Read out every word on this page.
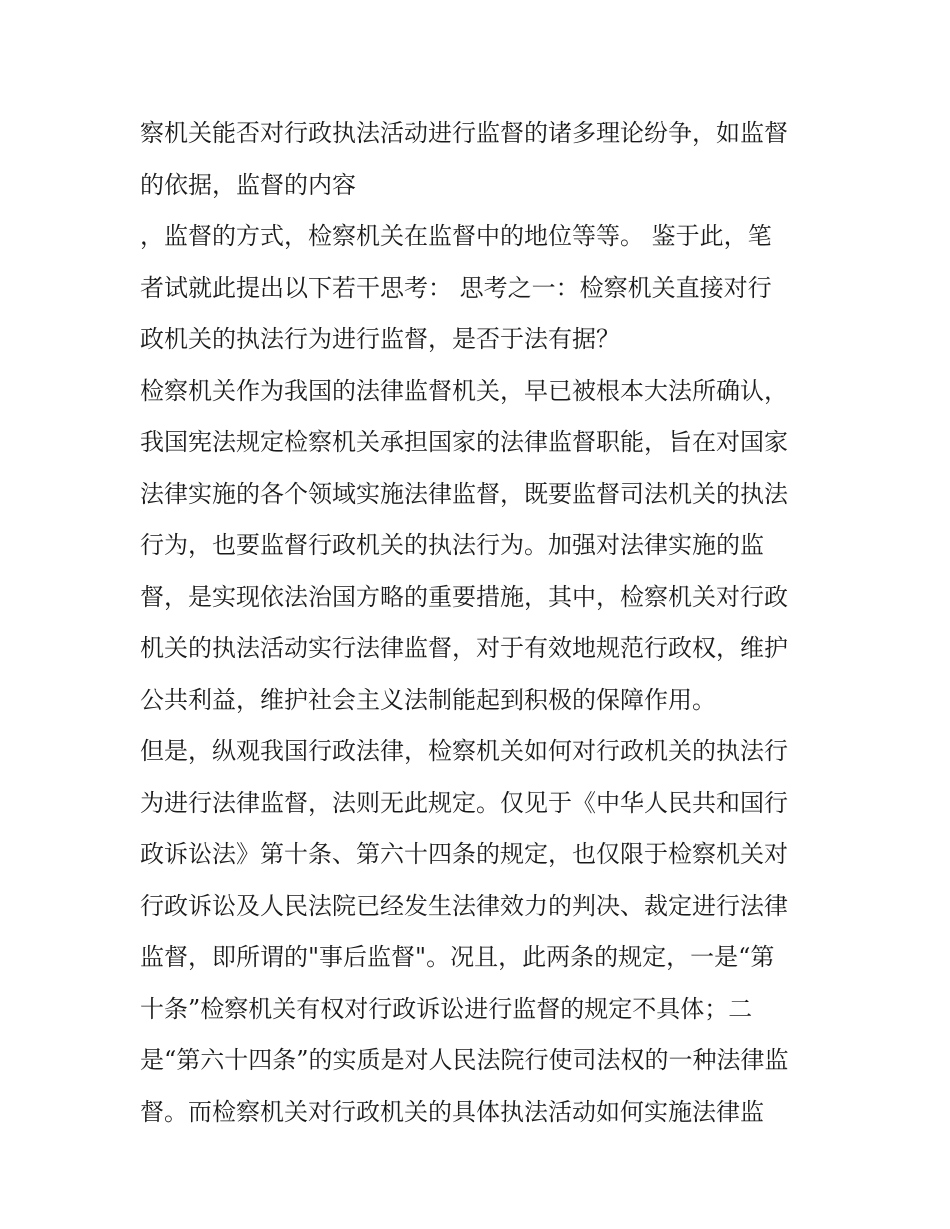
察机关能否对行政执法活动进行监督的诸多理论纷争，如监督
的依据，监督的内容
，监督的方式，检察机关在监督中的地位等等。 鉴于此，笔
者试就此提出以下若干思考： 思考之一：检察机关直接对行
政机关的执法行为进行监督，是否于法有据？
检察机关作为我国的法律监督机关，早已被根本大法所确认，
我国宪法规定检察机关承担国家的法律监督职能，旨在对国家
法律实施的各个领域实施法律监督，既要监督司法机关的执法
行为，也要监督行政机关的执法行为。加强对法律实施的监
督，是实现依法治国方略的重要措施，其中，检察机关对行政
机关的执法活动实行法律监督，对于有效地规范行政权，维护
公共利益，维护社会主义法制能起到积极的保障作用。
但是，纵观我国行政法律，检察机关如何对行政机关的执法行
为进行法律监督，法则无此规定。仅见于《中华人民共和国行
政诉讼法》第十条、第六十四条的规定，也仅限于检察机关对
行政诉讼及人民法院已经发生法律效力的判决、裁定进行法律
监督，即所谓的"事后监督"。况且，此两条的规定，一是“第
十条”检察机关有权对行政诉讼进行监督的规定不具体；二
是“第六十四条”的实质是对人民法院行使司法权的一种法律监
督。而检察机关对行政机关的具体执法活动如何实施法律监
